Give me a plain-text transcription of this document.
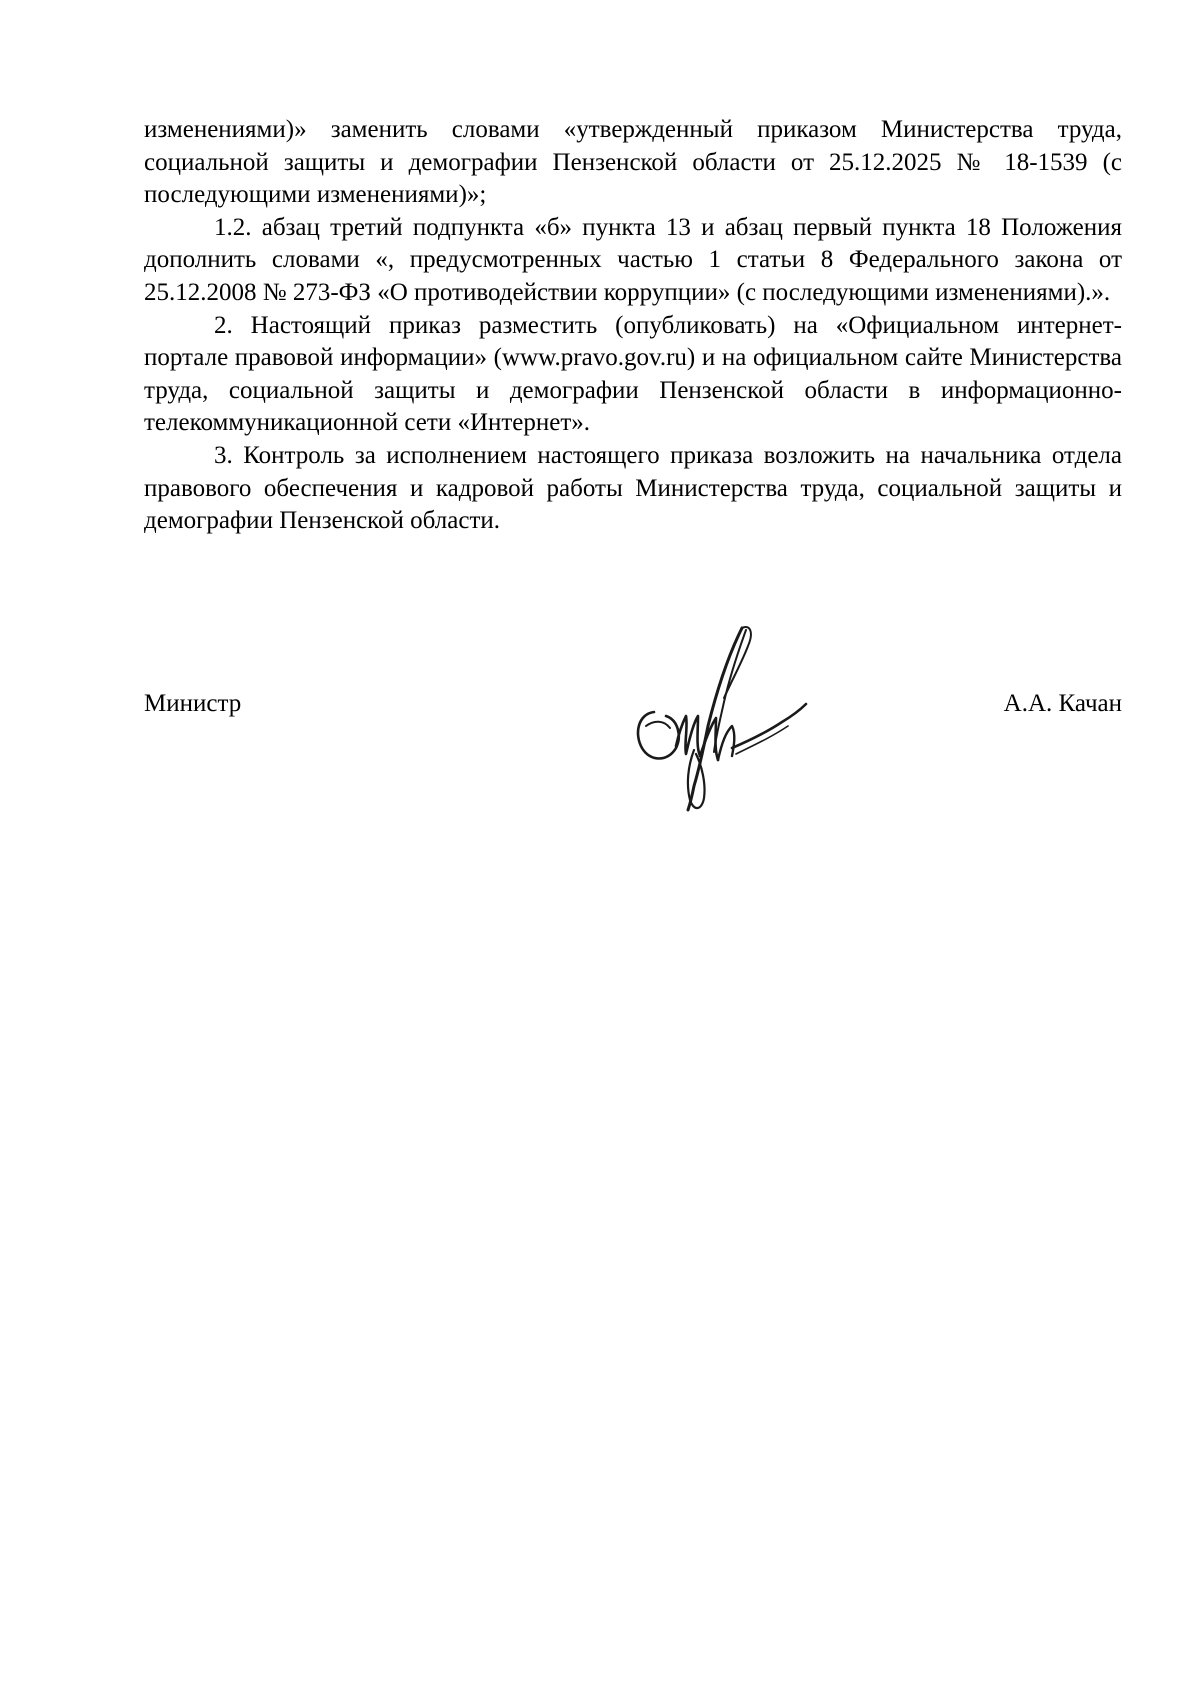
изменениями)» заменить словами «утвержденный приказом Министерства труда, социальной защиты и демографии Пензенской области от 25.12.2025 № 18-1539 (с последующими изменениями)»;

1.2. абзац третий подпункта «б» пункта 13 и абзац первый пункта 18 Положения дополнить словами «, предусмотренных частью 1 статьи 8 Федерального закона от 25.12.2008 № 273-ФЗ «О противодействии коррупции» (с последующими изменениями).».

2. Настоящий приказ разместить (опубликовать) на «Официальном интернет-портале правовой информации» (www.pravo.gov.ru) и на официальном сайте Министерства труда, социальной защиты и демографии Пензенской области в информационно-телекоммуникационной сети «Интернет».

3. Контроль за исполнением настоящего приказа возложить на начальника отдела правового обеспечения и кадровой работы Министерства труда, социальной защиты и демографии Пензенской области.

Министр	А.А. Качан
